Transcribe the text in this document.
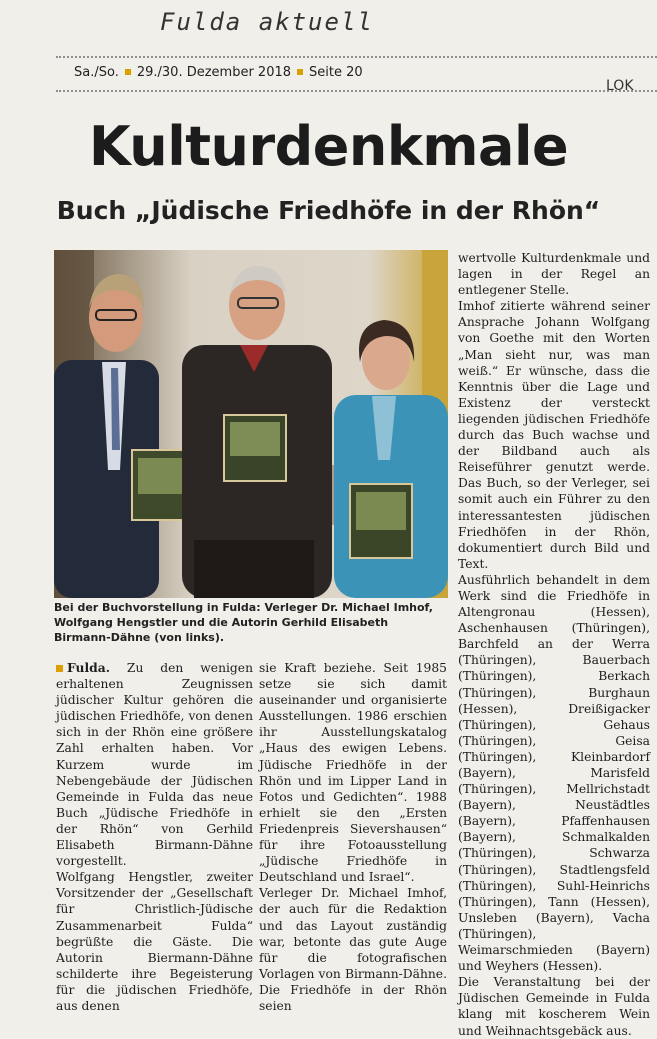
Fulda aktuell
Sa./So. 29./30. Dezember 2018 Seite 20
LOK
Kulturdenkmale
Buch „Jüdische Friedhöfe in der Rhön“
Bei der Buchvorstellung in Fulda: Verleger Dr. Michael Imhof, Wolfgang Hengstler und die Autorin Gerhild Elisabeth Birmann-Dähne (von links).

Fulda. Zu den wenigen erhaltenen Zeugnissen jüdischer Kultur gehören die jüdischen Friedhöfe, von denen sich in der Rhön eine größere Zahl erhalten haben. Vor Kurzem wurde im Nebengebäude der Jüdischen Gemeinde in Fulda das neue Buch „Jüdische Friedhöfe in der Rhön“ von Gerhild Elisabeth Birmann-Dähne vorgestellt.

Wolfgang Hengstler, zweiter Vorsitzender der „Gesellschaft für Christlich-Jüdische Zusammenarbeit Fulda“ begrüßte die Gäste. Die Autorin Biermann-Dähne schilderte ihre Begeisterung für die jüdischen Friedhöfe, aus denen

sie Kraft beziehe. Seit 1985 setze sie sich damit auseinander und organisierte Ausstellungen. 1986 erschien ihr Ausstellungskatalog „Haus des ewigen Lebens. Jüdische Friedhöfe in der Rhön und im Lipper Land in Fotos und Gedichten“. 1988 erhielt sie den „Ersten Friedenpreis Sievershausen“ für ihre Fotoausstellung „Jüdische Friedhöfe in Deutschland und Israel“.

Verleger Dr. Michael Imhof, der auch für die Redaktion und das Layout zuständig war, betonte das gute Auge für die fotografischen Vorlagen von Birmann-Dähne. Die Friedhöfe in der Rhön seien

wertvolle Kulturdenkmale und lagen in der Regel an entlegener Stelle.

Imhof zitierte während seiner Ansprache Johann Wolfgang von Goethe mit den Worten „Man sieht nur, was man weiß.“ Er wünsche, dass die Kenntnis über die Lage und Existenz der versteckt liegenden jüdischen Friedhöfe durch das Buch wachse und der Bildband auch als Reiseführer genutzt werde. Das Buch, so der Verleger, sei somit auch ein Führer zu den interessantesten jüdischen Friedhöfen in der Rhön, dokumentiert durch Bild und Text.

Ausführlich behandelt in dem Werk sind die Friedhöfe in Altengronau (Hessen), Aschenhausen (Thüringen), Barchfeld an der Werra (Thüringen), Bauerbach (Thüringen), Berkach (Thüringen), Burghaun (Hessen), Dreißigacker (Thüringen), Gehaus (Thüringen), Geisa (Thüringen), Kleinbardorf (Bayern), Marisfeld (Thüringen), Mellrichstadt (Bayern), Neustädtles (Bayern), Pfaffenhausen (Bayern), Schmalkalden (Thüringen), Schwarza (Thüringen), Stadtlengsfeld (Thüringen), Suhl-Heinrichs (Thüringen), Tann (Hessen), Unsleben (Bayern), Vacha (Thüringen), Weimarschmieden (Bayern) und Weyhers (Hessen).

Die Veranstaltung bei der Jüdischen Gemeinde in Fulda klang mit koscherem Wein und Weihnachtsgebäck aus.
